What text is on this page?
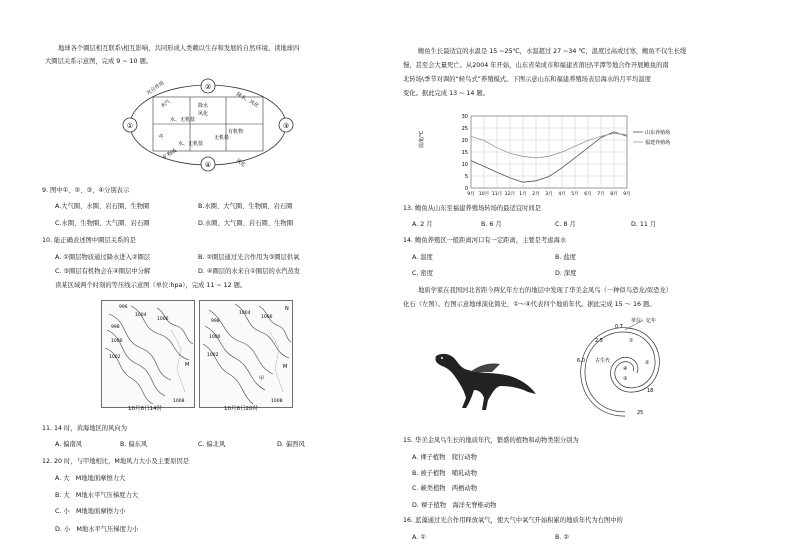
地球各个圈层相互联系\相互影响，共同形成人类赖以生存和发展的自然环境。读地球四
大圈层关系示意图，完成 9 ~ 10 题。
①
②
③
④
光合作用
水汽	降水
风化
降水、风化
水、无机盐
水
有机物
无机盐
矿物质
风化
水、无机盐
9. 图中①、②、③、④分别表示
A.大气圈、水圈、岩石圈、生物圈	B.水圈、大气圈、生物圈、岩石圈
C.水圈、生物圈、大气圈、岩石圈	D.水圈、大气圈、岩石圈、生物圈
10. 能正确表述图中圈层关系的是
A. ①圈层物质通过降水进入②圈层	B. ②圈层通过光合作用为③圈层供氧
C. ③圈层有机物会在④圈层中分解	D. ④圈层的水来自①圈层的水汽蒸发
读某区域两个时刻的等压线示意图（单位:hpa），完成 11 ~ 12 题。
998
1000
1002
1004
1006
1008
996
M
10月8日14时
998
1000
1002
1004
1006
1008
M
甲
N
10月8日20时
11. 14 时，黄海地区的风向为
A. 偏南风	B. 偏东风	C. 偏北风	D. 偏西风
12. 20 时，与甲地相比，M地风力大小及主要原因是
A. 大　M地地面摩擦力大
B. 大　M地水平气压梯度力大
C. 小　M地地面摩擦力小
D. 小　M地水平气压梯度力小
鲍鱼生长最适宜的水温是 15 ~25℃，水温超过 27 ~34 ℃，温度过高或过寒，鲍鱼不仅生长缓
慢，甚至会大量死亡。从2004 年开始，山东省荣成市和福建省莆田\平潭等地合作开展鲍鱼的南
北转场\季节对调的“候鸟式”养殖模式。下图示意山东和福建养殖场表层海水的月平均温度
变化。据此完成 13 ~ 14 题。
0
5
10
15
20
25
30
9月 10月 11月 12月 1月 2月 3月 4月 5月 6月 7月 8月 9月
温度/℃	山东养殖场
福建养殖场
13. 鲍鱼从山东至福建养殖场转场的最适宜时间是
A. 2 月	B. 6 月	C. 8 月	D. 11 月
14. 鲍鱼养殖区一般距离河口有一定距离，主要是考虑海水
A. 温度	B. 盐度
C. 密度	D. 深度
地质学家在我国河北省距今两亿年左右的地层中发现了华美金凤鸟（一种似鸟恐龙/似恐龙）
化石（左图）。右图示意地球演化简史，①～④代表四个地质年代。据此完成 15 ～ 16 题。
单位：亿年
0.7
2.5
6.0
18
25
古生代
①
②
③
④
15. 华美金凤鸟生长的地质年代，繁盛的植物和动物类别分别为
A. 裸子植物　爬行动物
B. 被子植物　哺乳动物
C. 蕨类植物　两栖动物
D. 裸子植物　海洋无脊椎动物
16. 蓝藻通过光合作用释放氧气，使大气中氧气开始积累的地质年代为右图中的
A. ①	B. ②
